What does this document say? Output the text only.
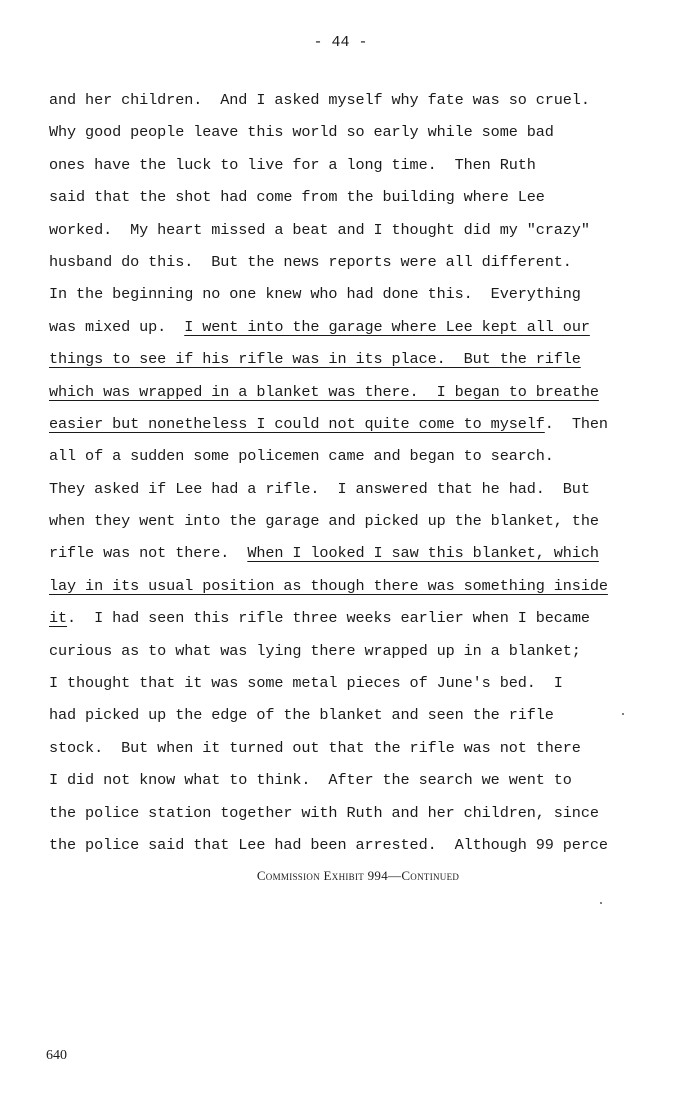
- 44 -
and her children.  And I asked myself why fate was so cruel.
Why good people leave this world so early while some bad
ones have the luck to live for a long time.  Then Ruth
said that the shot had come from the building where Lee
worked.  My heart missed a beat and I thought did my "crazy"
husband do this.  But the news reports were all different.
In the beginning no one knew who had done this.  Everything
was mixed up.  I went into the garage where Lee kept all our
things to see if his rifle was in its place.  But the rifle
which was wrapped in a blanket was there.  I began to breathe
easier but nonetheless I could not quite come to myself.  Then
all of a sudden some policemen came and began to search.
They asked if Lee had a rifle.  I answered that he had.  But
when they went into the garage and picked up the blanket, the
rifle was not there.  When I looked I saw this blanket, which
lay in its usual position as though there was something inside
it.  I had seen this rifle three weeks earlier when I became
curious as to what was lying there wrapped up in a blanket;
I thought that it was some metal pieces of June's bed.  I
had picked up the edge of the blanket and seen the rifle
stock.  But when it turned out that the rifle was not there
I did not know what to think.  After the search we went to
the police station together with Ruth and her children, since
the police said that Lee had been arrested.  Although 99 perce
Commission Exhibit 994—Continued
640
